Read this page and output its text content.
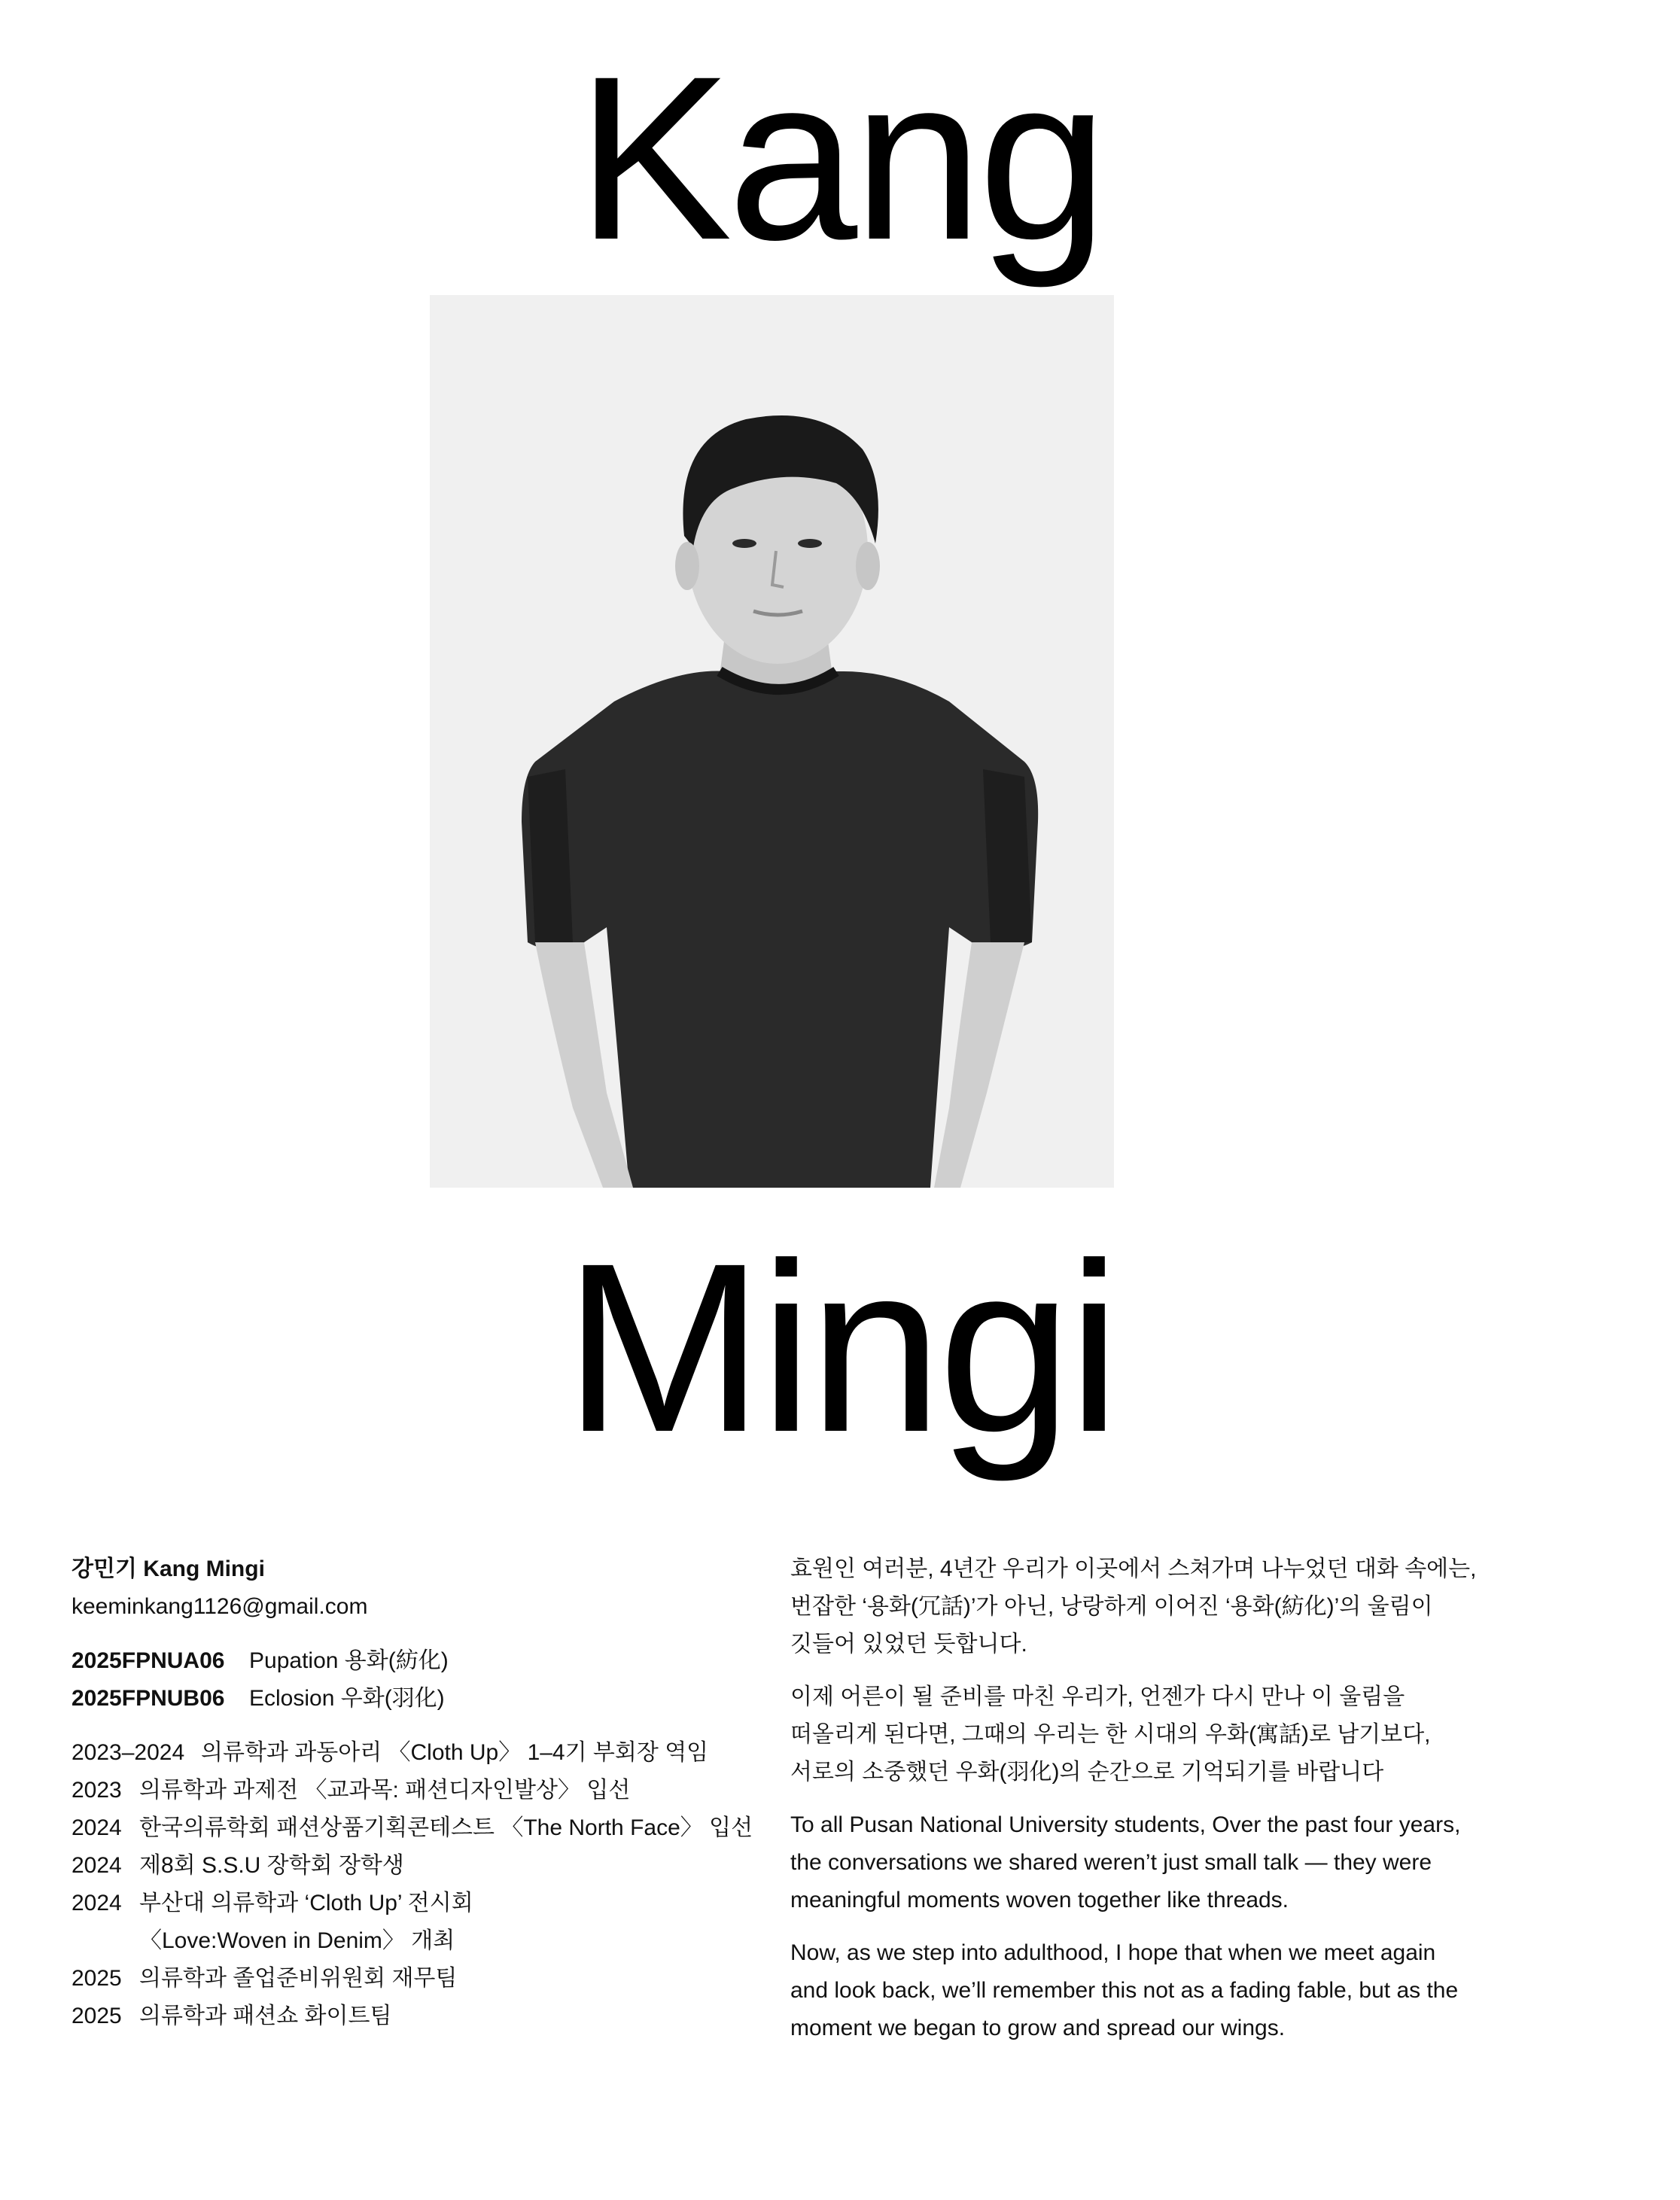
Kang
Mingi
강민기 Kang Mingi
keeminkang1126@gmail.com
2025FPNUA06 Pupation 용화(紡化)
2025FPNUB06 Eclosion 우화(羽化)
2023–2024 의류학과 과동아리 〈Cloth Up〉 1–4기 부회장 역임
2023 의류학과 과제전 〈교과목: 패션디자인발상〉 입선
2024 한국의류학회 패션상품기획콘테스트 〈The North Face〉 입선
2024 제8회 S.S.U 장학회 장학생
2024 부산대 의류학과 ‘Cloth Up’ 전시회
〈Love:Woven in Denim〉 개최
2025 의류학과 졸업준비위원회 재무팀
2025 의류학과 패션쇼 화이트팀

효원인 여러분, 4년간 우리가 이곳에서 스쳐가며 나누었던 대화 속에는,
번잡한 ‘용화(冗話)’가 아닌, 낭랑하게 이어진 ‘용화(紡化)’의 울림이
깃들어 있었던 듯합니다.

이제 어른이 될 준비를 마친 우리가, 언젠가 다시 만나 이 울림을
떠올리게 된다면, 그때의 우리는 한 시대의 우화(寓話)로 남기보다,
서로의 소중했던 우화(羽化)의 순간으로 기억되기를 바랍니다

To all Pusan National University students, Over the past four years,
the conversations we shared weren’t just small talk — they were
meaningful moments woven together like threads.

Now, as we step into adulthood, I hope that when we meet again
and look back, we’ll remember this not as a fading fable, but as the
moment we began to grow and spread our wings.
